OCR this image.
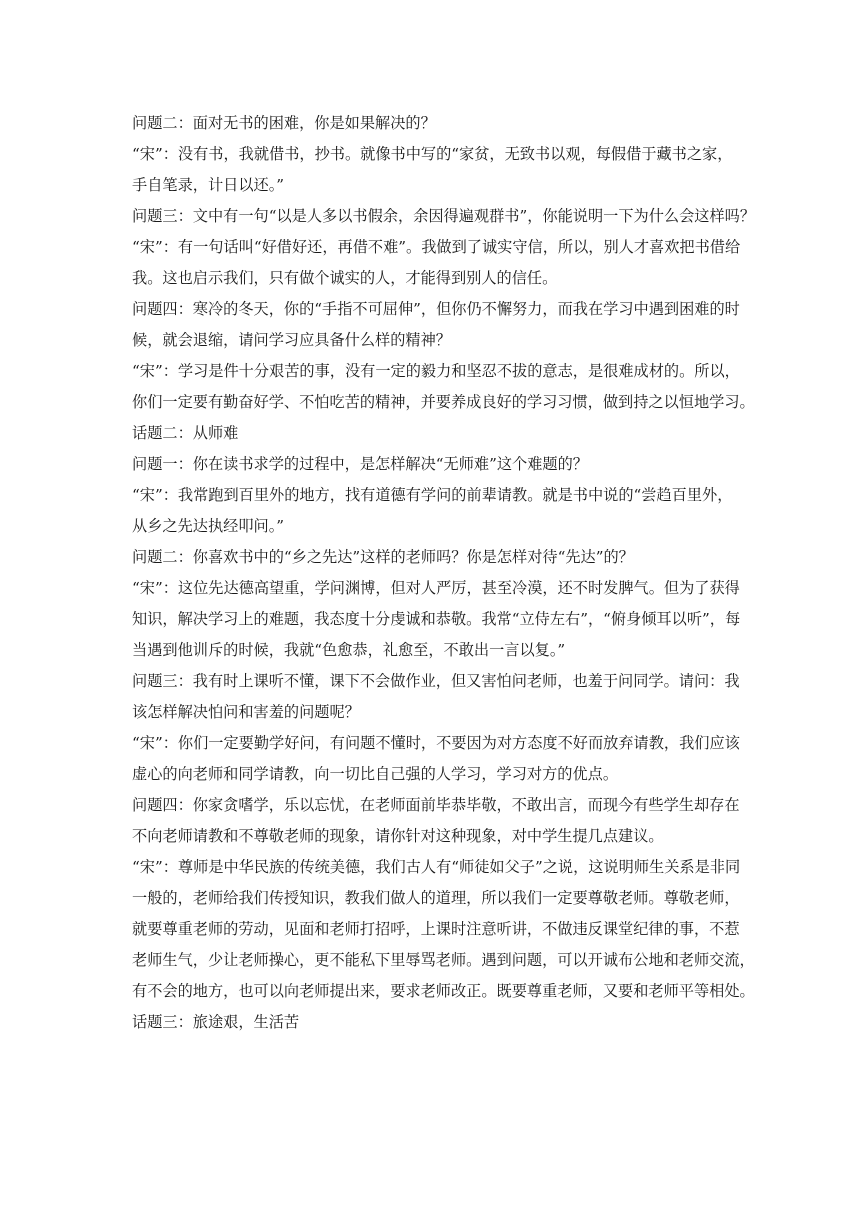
问题二：面对无书的困难，你是如果解决的？
“宋”：没有书，我就借书，抄书。就像书中写的“家贫，无致书以观，每假借于藏书之家，
手自笔录，计日以还。”
问题三：文中有一句“以是人多以书假余，余因得遍观群书”，你能说明一下为什么会这样吗？
“宋”：有一句话叫“好借好还，再借不难”。我做到了诚实守信，所以，别人才喜欢把书借给
我。这也启示我们，只有做个诚实的人，才能得到别人的信任。
问题四：寒冷的冬天，你的“手指不可屈伸”，但你仍不懈努力，而我在学习中遇到困难的时
候，就会退缩，请问学习应具备什么样的精神？
“宋”：学习是件十分艰苦的事，没有一定的毅力和坚忍不拔的意志，是很难成材的。所以，
你们一定要有勤奋好学、不怕吃苦的精神，并要养成良好的学习习惯，做到持之以恒地学习。
话题二：从师难
问题一：你在读书求学的过程中，是怎样解决“无师难”这个难题的？
“宋”：我常跑到百里外的地方，找有道德有学问的前辈请教。就是书中说的“尝趋百里外，
从乡之先达执经叩问。”
问题二：你喜欢书中的“乡之先达”这样的老师吗？你是怎样对待“先达”的？
“宋”：这位先达德高望重，学问渊博，但对人严厉，甚至冷漠，还不时发脾气。但为了获得
知识，解决学习上的难题，我态度十分虔诚和恭敬。我常“立侍左右”，“俯身倾耳以听”，每
当遇到他训斥的时候，我就“色愈恭，礼愈至，不敢出一言以复。”
问题三：我有时上课听不懂，课下不会做作业，但又害怕问老师，也羞于问同学。请问：我
该怎样解决怕问和害羞的问题呢？
“宋”：你们一定要勤学好问，有问题不懂时，不要因为对方态度不好而放弃请教，我们应该
虚心的向老师和同学请教，向一切比自己强的人学习，学习对方的优点。
问题四：你家贪嗜学，乐以忘忧，在老师面前毕恭毕敬，不敢出言，而现今有些学生却存在
不向老师请教和不尊敬老师的现象，请你针对这种现象，对中学生提几点建议。
“宋”：尊师是中华民族的传统美德，我们古人有“师徒如父子”之说，这说明师生关系是非同
一般的，老师给我们传授知识，教我们做人的道理，所以我们一定要尊敬老师。尊敬老师，
就要尊重老师的劳动，见面和老师打招呼，上课时注意听讲，不做违反课堂纪律的事，不惹
老师生气，少让老师操心，更不能私下里辱骂老师。遇到问题，可以开诚布公地和老师交流，
有不会的地方，也可以向老师提出来，要求老师改正。既要尊重老师，又要和老师平等相处。
话题三：旅途艰，生活苦
